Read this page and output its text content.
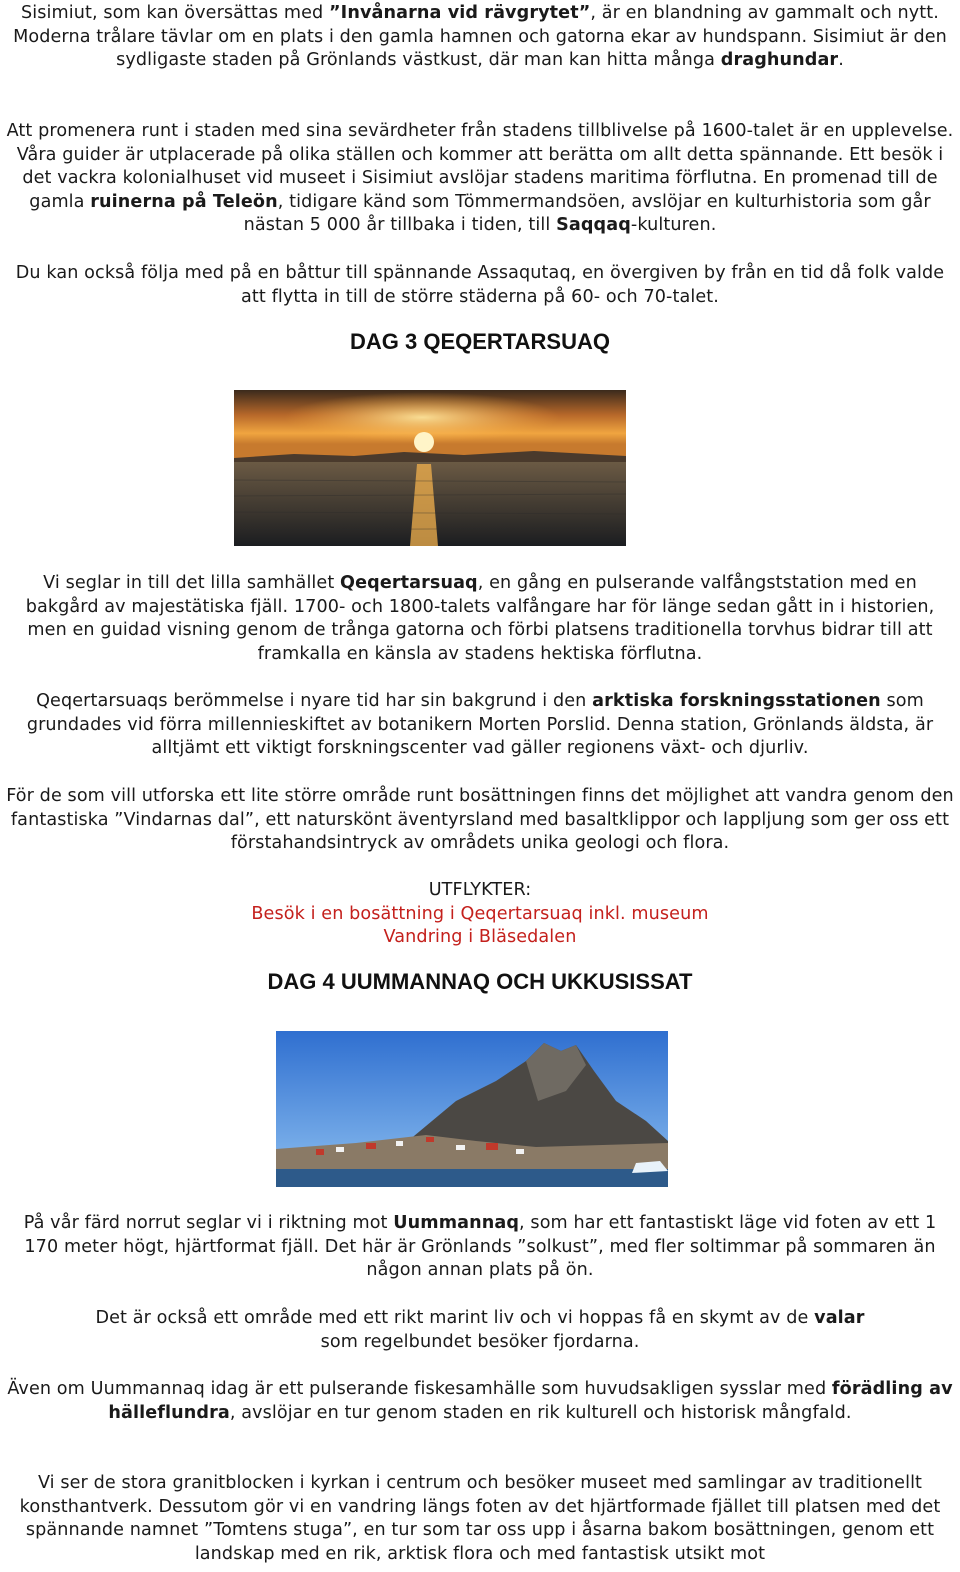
Sisimiut, som kan översättas med ”Invånarna vid rävgrytet”, är en blandning av gammalt och nytt. Moderna trålare tävlar om en plats i den gamla hamnen och gatorna ekar av hundspann. Sisimiut är den sydligaste staden på Grönlands västkust, där man kan hitta många draghundar.

Att promenera runt i staden med sina sevärdheter från stadens tillblivelse på 1600-talet är en upplevelse. Våra guider är utplacerade på olika ställen och kommer att berätta om allt detta spännande. Ett besök i det vackra kolonialhuset vid museet i Sisimiut avslöjar stadens maritima förflutna. En promenad till de gamla ruinerna på Teleön, tidigare känd som Tömmermandsöen, avslöjar en kulturhistoria som går nästan 5 000 år tillbaka i tiden, till Saqqaq-kulturen.

Du kan också följa med på en båttur till spännande Assaqutaq, en övergiven by från en tid då folk valde att flytta in till de större städerna på 60- och 70-talet.

DAG 3 QEQERTARSUAQ

Vi seglar in till det lilla samhället Qeqertarsuaq, en gång en pulserande valfångststation med en bakgård av majestätiska fjäll. 1700- och 1800-talets valfångare har för länge sedan gått in i historien, men en guidad visning genom de trånga gatorna och förbi platsens traditionella torvhus bidrar till att framkalla en känsla av stadens hektiska förflutna.

Qeqertarsuaqs berömmelse i nyare tid har sin bakgrund i den arktiska forskningsstationen som grundades vid förra millennieskiftet av botanikern Morten Porslid. Denna station, Grönlands äldsta, är alltjämt ett viktigt forskningscenter vad gäller regionens växt- och djurliv.

För de som vill utforska ett lite större område runt bosättningen finns det möjlighet att vandra genom den fantastiska ”Vindarnas dal”, ett naturskönt äventyrsland med basaltklippor och lappljung som ger oss ett förstahandsintryck av områdets unika geologi och flora.

UTFLYKTER:

Besök i en bosättning i Qeqertarsuaq inkl. museum

Vandring i Bläsedalen

DAG 4 UUMMANNAQ OCH UKKUSISSAT

På vår färd norrut seglar vi i riktning mot Uummannaq, som har ett fantastiskt läge vid foten av ett 1 170 meter högt, hjärtformat fjäll. Det här är Grönlands ”solkust”, med fler soltimmar på sommaren än någon annan plats på ön.

Det är också ett område med ett rikt marint liv och vi hoppas få en skymt av de valar som regelbundet besöker fjordarna.

Även om Uummannaq idag är ett pulserande fiskesamhälle som huvudsakligen sysslar med förädling av hälleflundra, avslöjar en tur genom staden en rik kulturell och historisk mångfald.

Vi ser de stora granitblocken i kyrkan i centrum och besöker museet med samlingar av traditionellt konsthantverk. Dessutom gör vi en vandring längs foten av det hjärtformade fjället till platsen med det spännande namnet ”Tomtens stuga”, en tur som tar oss upp i åsarna bakom bosättningen, genom ett landskap med en rik, arktisk flora och med fantastisk utsikt mot
